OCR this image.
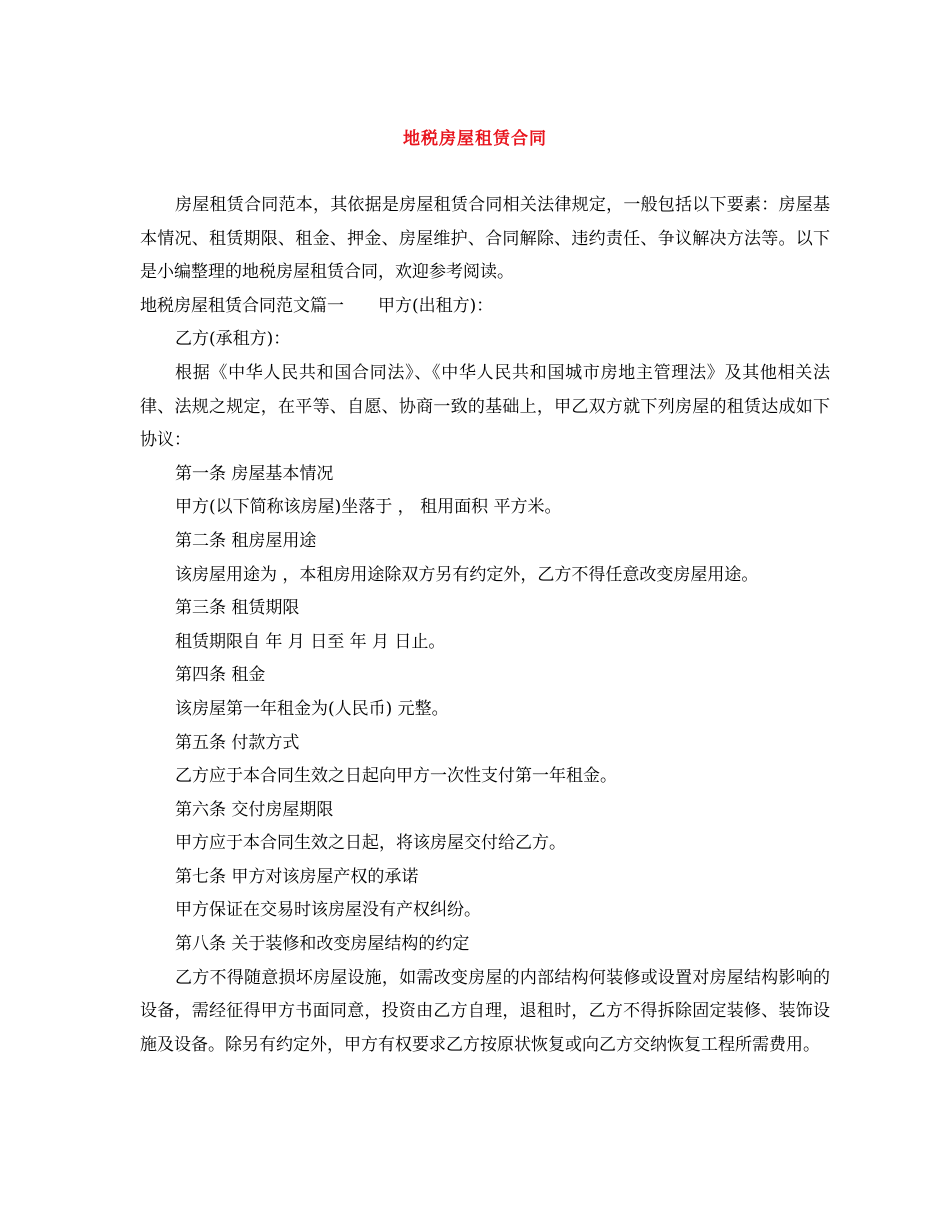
地税房屋租赁合同

房屋租赁合同范本，其依据是房屋租赁合同相关法律规定，一般包括以下要素：房屋基本情况、租赁期限、租金、押金、房屋维护、合同解除、违约责任、争议解决方法等。以下是小编整理的地税房屋租赁合同，欢迎参考阅读。

地税房屋租赁合同范文篇一　　甲方(出租方)：

乙方(承租方)：

根据《中华人民共和国合同法》、《中华人民共和国城市房地主管理法》及其他相关法律、法规之规定，在平等、自愿、协商一致的基础上，甲乙双方就下列房屋的租赁达成如下协议：

第一条 房屋基本情况

甲方(以下简称该房屋)坐落于 ， 租用面积 平方米。

第二条 租房屋用途

该房屋用途为 ，本租房用途除双方另有约定外，乙方不得任意改变房屋用途。

第三条 租赁期限

租赁期限自 年 月 日至 年 月 日止。

第四条 租金

该房屋第一年租金为(人民币) 元整。

第五条 付款方式

乙方应于本合同生效之日起向甲方一次性支付第一年租金。

第六条 交付房屋期限

甲方应于本合同生效之日起，将该房屋交付给乙方。

第七条 甲方对该房屋产权的承诺

甲方保证在交易时该房屋没有产权纠纷。

第八条 关于装修和改变房屋结构的约定

乙方不得随意损坏房屋设施，如需改变房屋的内部结构何装修或设置对房屋结构影响的设备，需经征得甲方书面同意，投资由乙方自理，退租时，乙方不得拆除固定装修、装饰设施及设备。除另有约定外，甲方有权要求乙方按原状恢复或向乙方交纳恢复工程所需费用。
